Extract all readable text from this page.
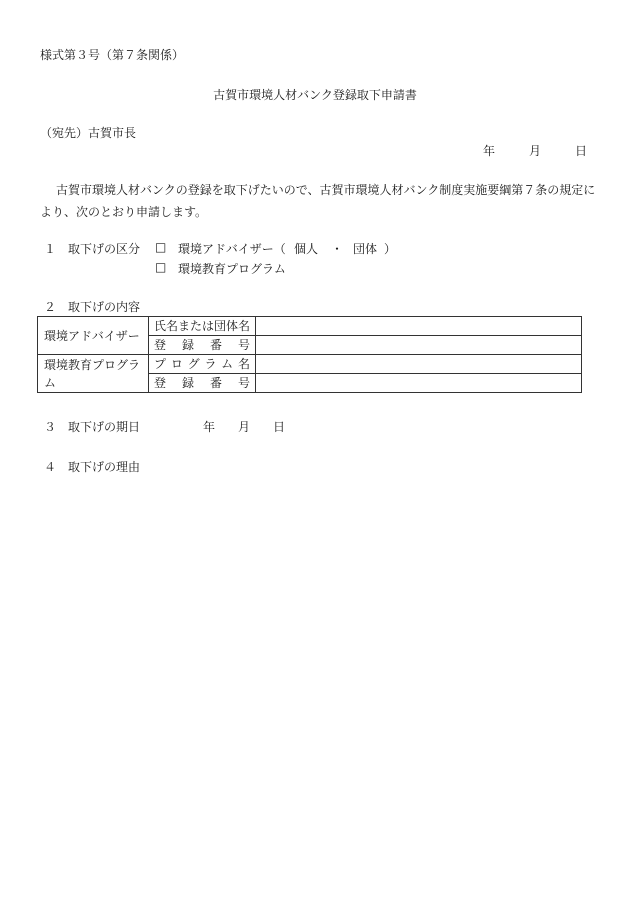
様式第３号（第７条関係）
古賀市環境人材バンク登録取下申請書
（宛先）古賀市長
年	月	日
古賀市環境人材バンクの登録を取下げたいので、古賀市環境人材バンク制度実施要綱第７条の規定に
より、次のとおり申請します。
１　取下げの区分 □ 環境アドバイザー（ 個人 ・ 団体 ）
□ 環境教育プログラム
２　取下げの内容
環境アドバイザー	氏名または団体名	
	登録番号	
環境教育プログラム	プログラム名	
	登録番号	
３　取下げの期日	年 月 日
４　取下げの理由
